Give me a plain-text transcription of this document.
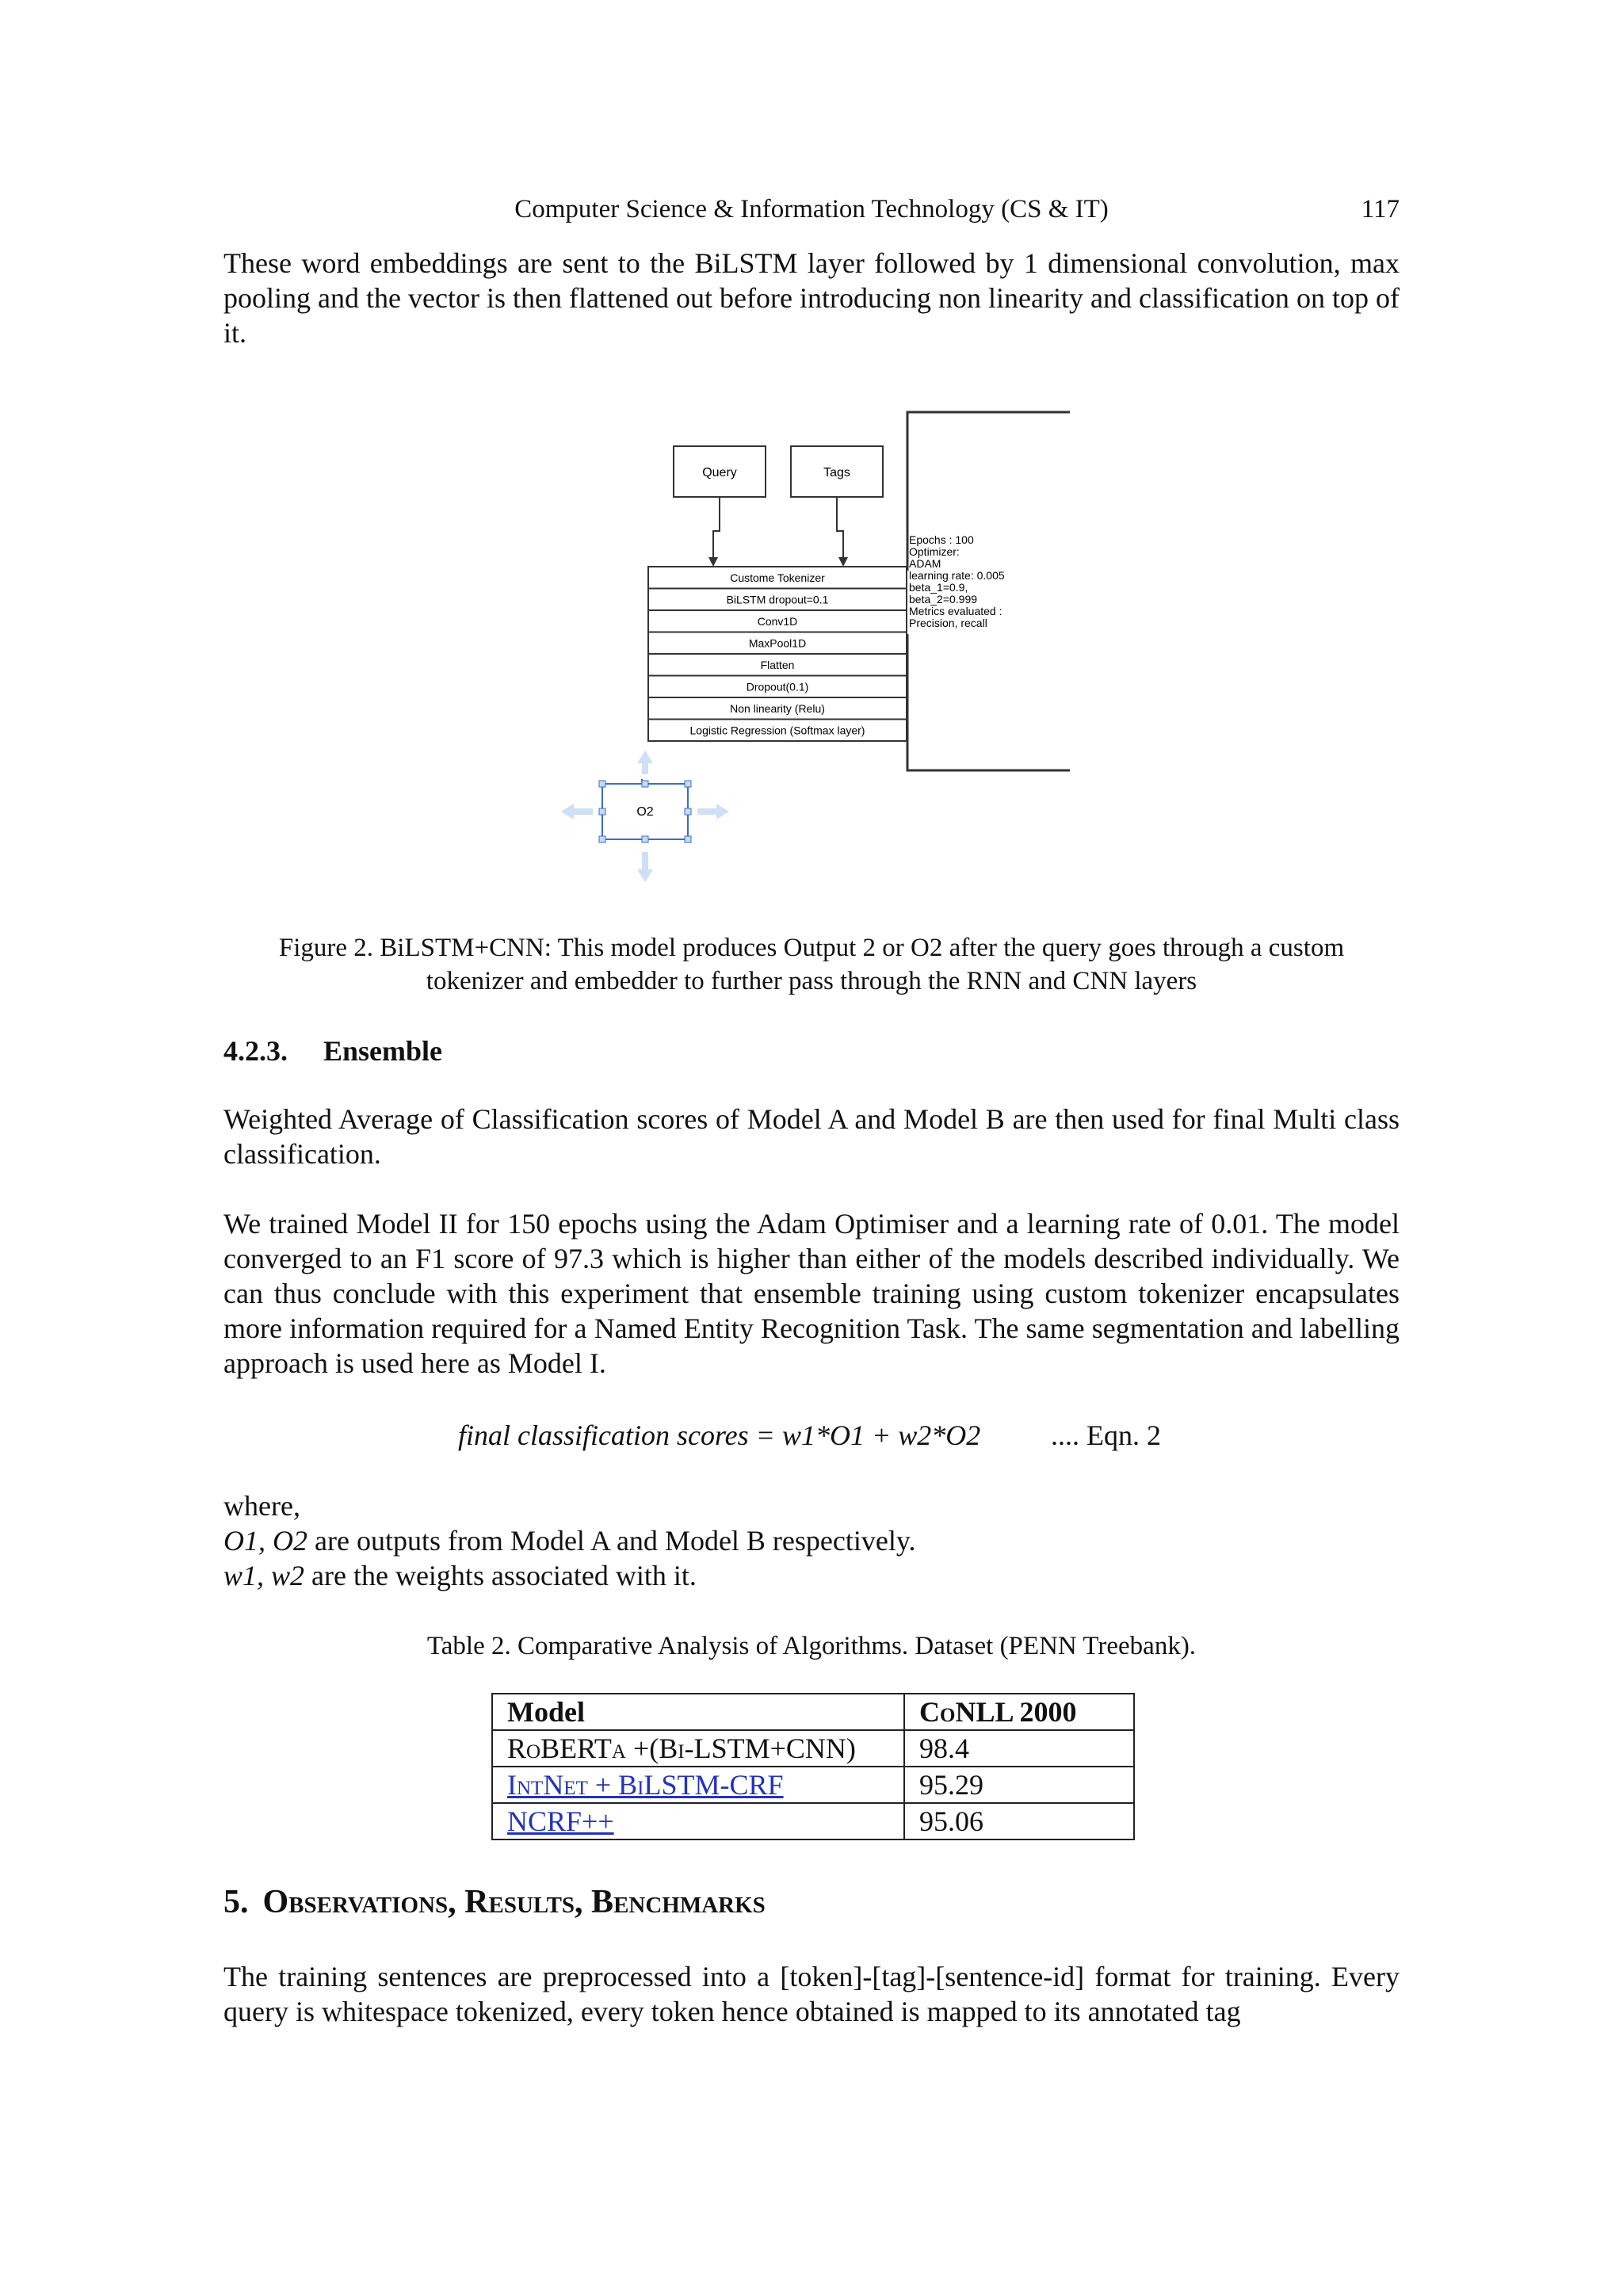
Computer Science & Information Technology (CS & IT)	117
These word embeddings are sent to the BiLSTM layer followed by 1 dimensional convolution, max pooling and the vector is then flattened out before introducing non linearity and classification on top of it.
Query	Tags
Custome Tokenizer
BiLSTM dropout=0.1
Conv1D
MaxPool1D
Flatten
Dropout(0.1)
Non linearity (Relu)
Logistic Regression (Softmax layer)
Epochs : 100
Optimizer:
ADAM
learning rate: 0.005
beta_1=0.9,
beta_2=0.999
Metrics evaluated :
Precision, recall
O2
Figure 2. BiLSTM+CNN: This model produces Output 2 or O2 after the query goes through a custom
tokenizer and embedder to further pass through the RNN and CNN layers
4.2.3. Ensemble
Weighted Average of Classification scores of Model A and Model B are then used for final Multi class classification.
We trained Model II for 150 epochs using the Adam Optimiser and a learning rate of 0.01. The model converged to an F1 score of 97.3 which is higher than either of the models described individually. We can thus conclude with this experiment that ensemble training using custom tokenizer encapsulates more information required for a Named Entity Recognition Task. The same segmentation and labelling approach is used here as Model I.
final classification scores = w1*O1 + w2*O2 .... Eqn. 2
where,
O1, O2 are outputs from Model A and Model B respectively.
w1, w2 are the weights associated with it.
Table 2. Comparative Analysis of Algorithms. Dataset (PENN Treebank).
Model	CoNLL 2000
RoBERTa +(Bi-LSTM+CNN)	98.4
IntNet + BiLSTM-CRF	95.29
NCRF++	95.06
5. Observations, Results, Benchmarks
The training sentences are preprocessed into a [token]-[tag]-[sentence-id] format for training. Every query is whitespace tokenized, every token hence obtained is mapped to its annotated tag
